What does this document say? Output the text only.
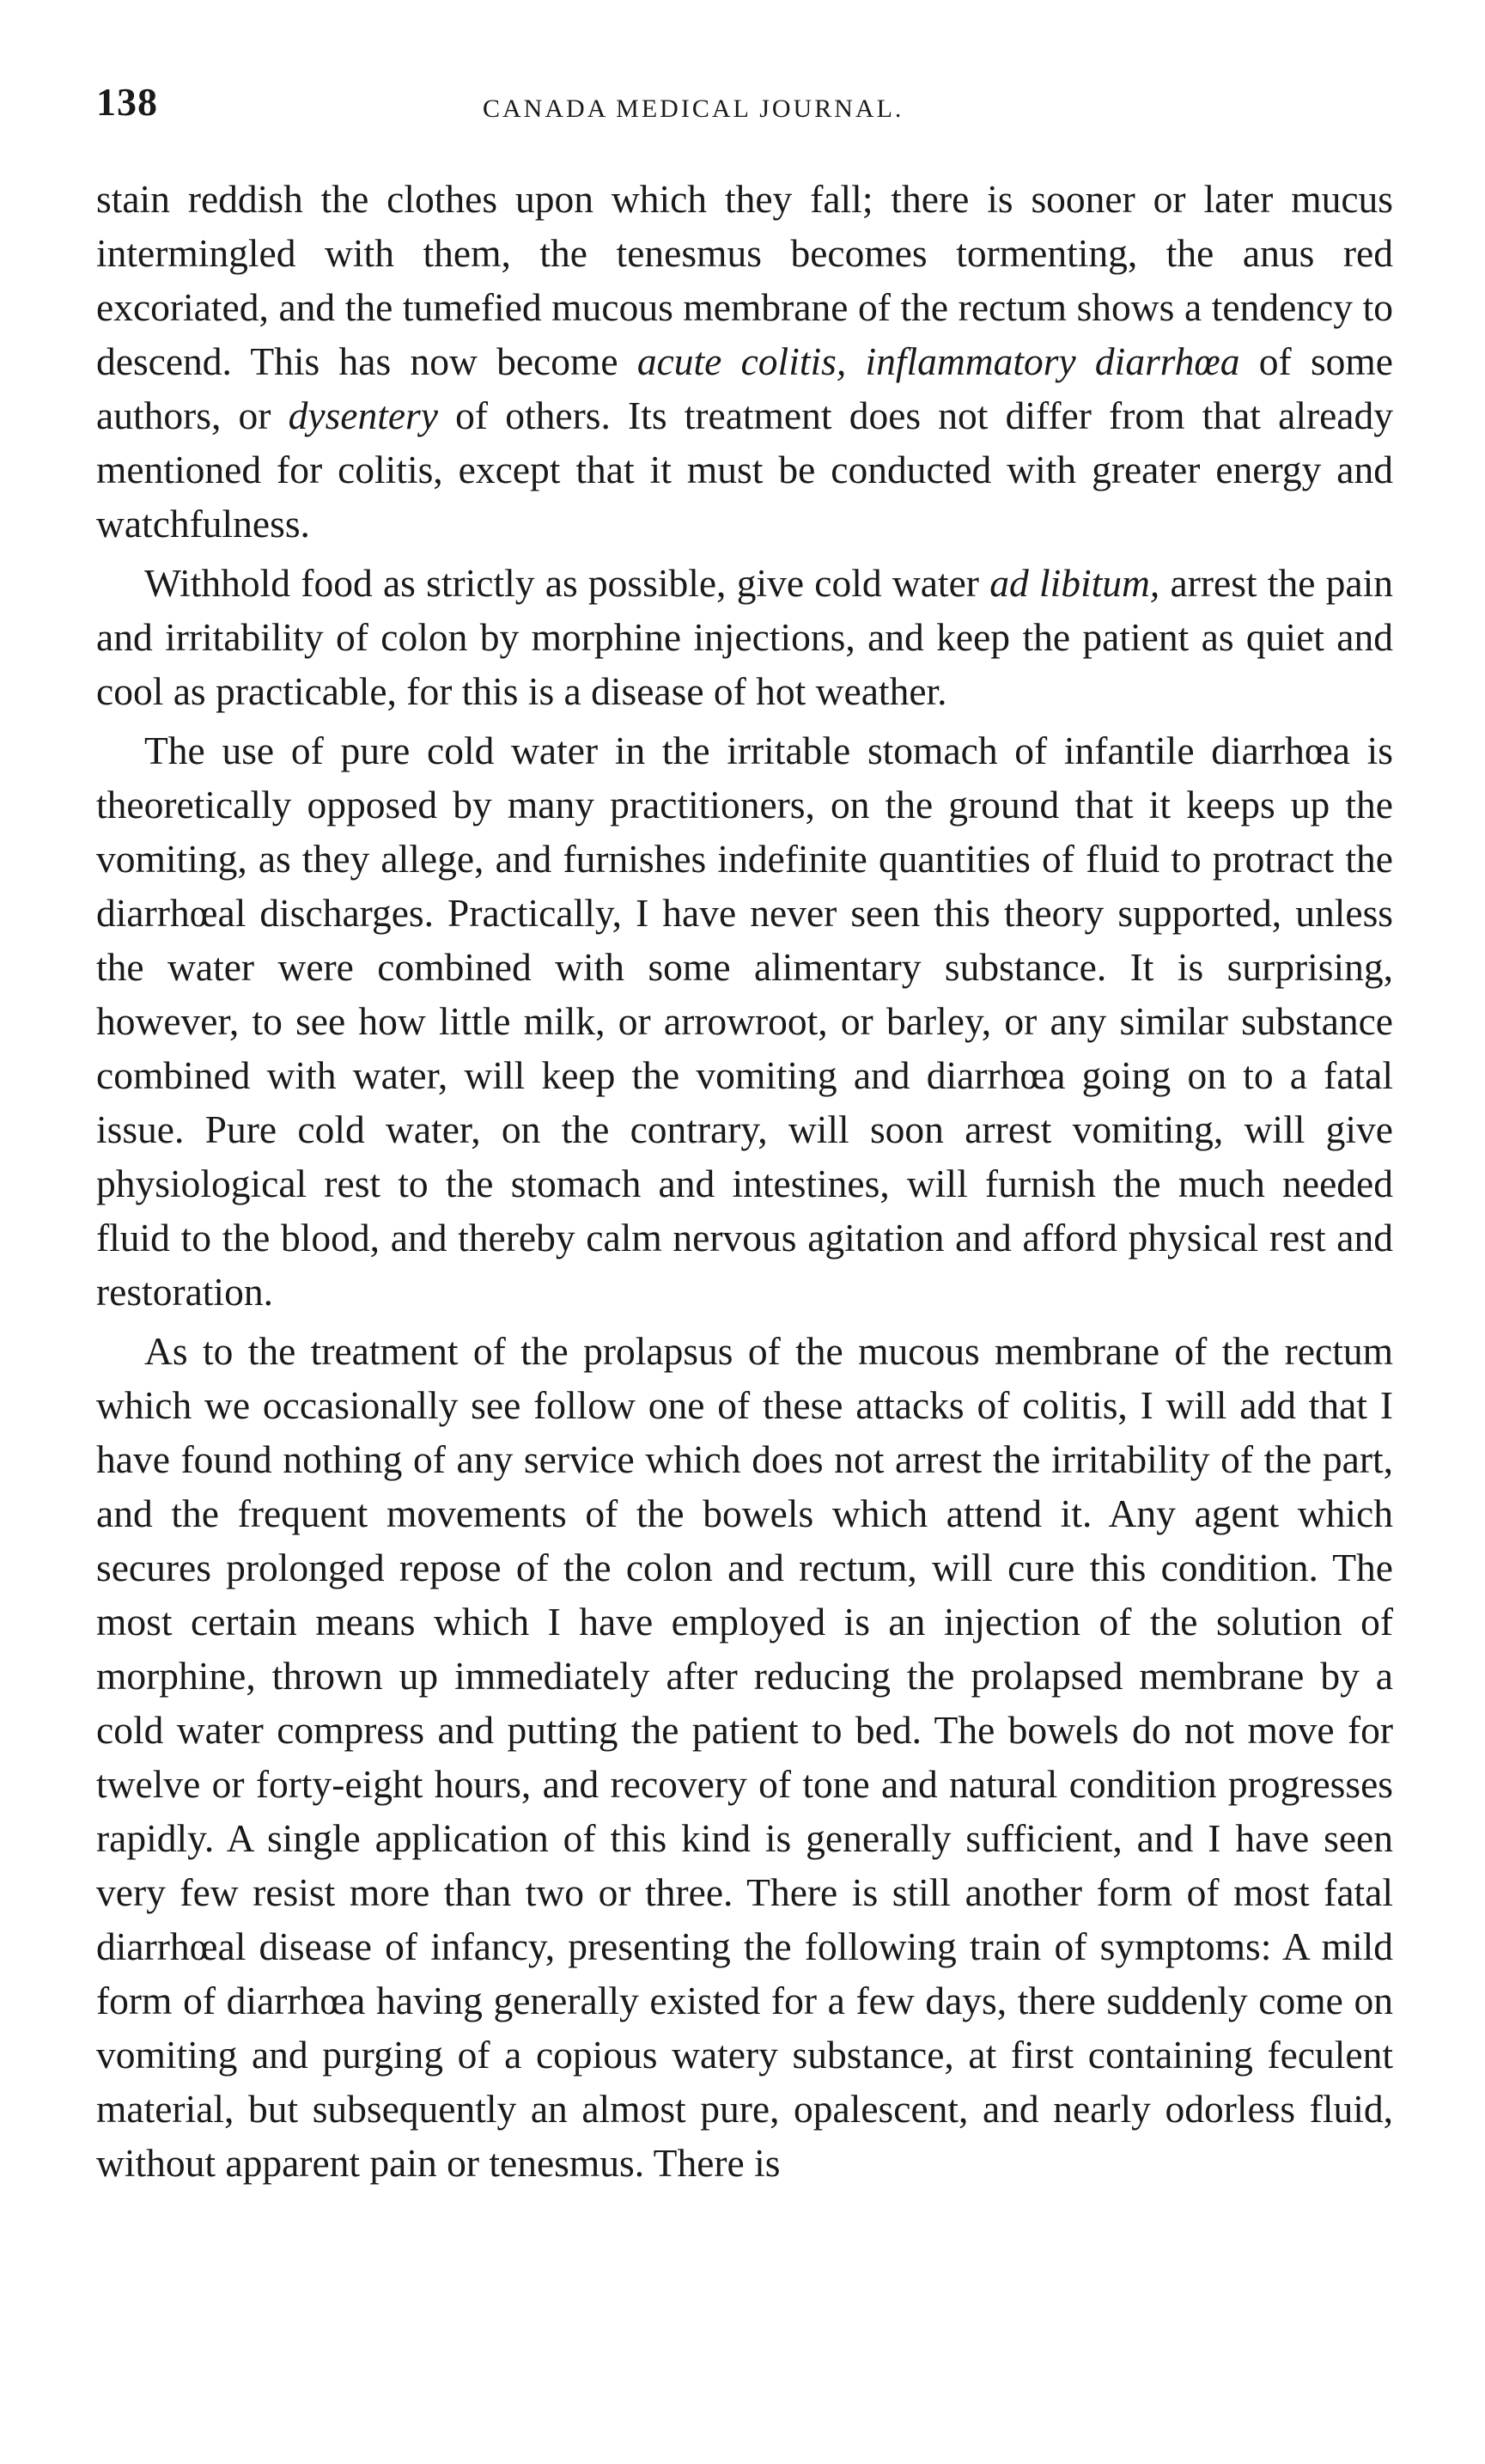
138	CANADA MEDICAL JOURNAL.

stain reddish the clothes upon which they fall; there is sooner or later mucus intermingled with them, the tenesmus becomes tormenting, the anus red excoriated, and the tumefied mucous membrane of the rectum shows a tendency to descend. This has now become acute colitis, inflammatory diarrhœa of some authors, or dysentery of others. Its treatment does not differ from that already mentioned for colitis, except that it must be conducted with greater energy and watchfulness.

Withhold food as strictly as possible, give cold water ad libitum, arrest the pain and irritability of colon by morphine injections, and keep the patient as quiet and cool as practicable, for this is a disease of hot weather.

The use of pure cold water in the irritable stomach of infantile diarrhœa is theoretically opposed by many practitioners, on the ground that it keeps up the vomiting, as they allege, and furnishes indefinite quantities of fluid to protract the diarrhœal discharges. Practically, I have never seen this theory supported, unless the water were combined with some alimentary substance. It is surprising, however, to see how little milk, or arrowroot, or barley, or any similar substance combined with water, will keep the vomiting and diarrhœa going on to a fatal issue. Pure cold water, on the contrary, will soon arrest vomiting, will give physiological rest to the stomach and intestines, will furnish the much needed fluid to the blood, and thereby calm nervous agitation and afford physical rest and restoration.

As to the treatment of the prolapsus of the mucous membrane of the rectum which we occasionally see follow one of these attacks of colitis, I will add that I have found nothing of any service which does not arrest the irritability of the part, and the frequent movements of the bowels which attend it. Any agent which secures prolonged repose of the colon and rectum, will cure this condition. The most certain means which I have employed is an injection of the solution of morphine, thrown up immediately after reducing the prolapsed membrane by a cold water compress and putting the patient to bed. The bowels do not move for twelve or forty-eight hours, and recovery of tone and natural condition progresses rapidly. A single application of this kind is generally sufficient, and I have seen very few resist more than two or three. There is still another form of most fatal diarrhœal disease of infancy, presenting the following train of symptoms: A mild form of diarrhœa having generally existed for a few days, there suddenly come on vomiting and purging of a copious watery substance, at first containing feculent material, but subsequently an almost pure, opalescent, and nearly odorless fluid, without apparent pain or tenesmus. There is
